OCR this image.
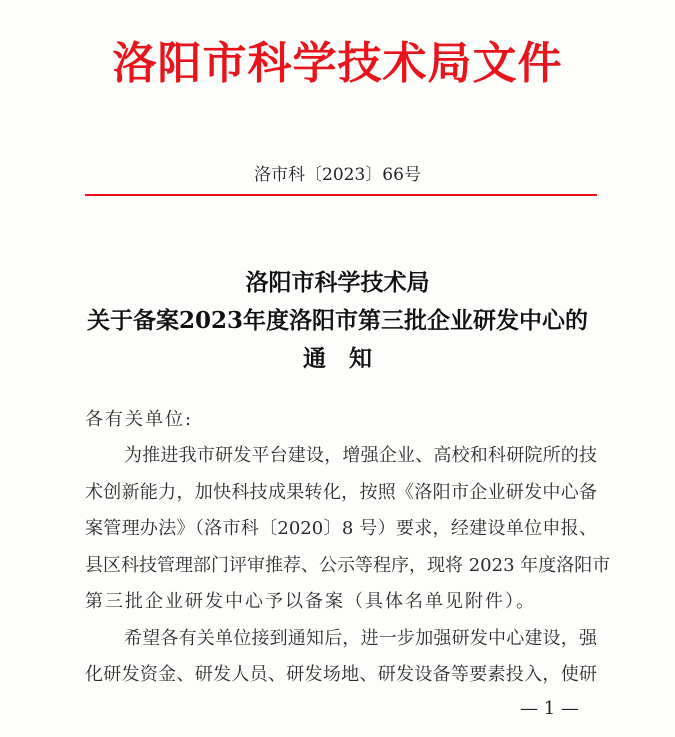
洛阳市科学技术局文件
洛市科〔2023〕66号
洛阳市科学技术局
关于备案2023年度洛阳市第三批企业研发中心的
通　知
各有关单位:
为推进我市研发平台建设，增强企业、高校和科研院所的技
术创新能力，加快科技成果转化，按照《洛阳市企业研发中心备
案管理办法》（洛市科〔2020〕8 号）要求，经建设单位申报、
县区科技管理部门评审推荐、公示等程序，现将 2023 年度洛阳市
第三批企业研发中心予以备案（具体名单见附件）。
希望各有关单位接到通知后，进一步加强研发中心建设，强
化研发资金、研发人员、研发场地、研发设备等要素投入，使研
— 1 —
